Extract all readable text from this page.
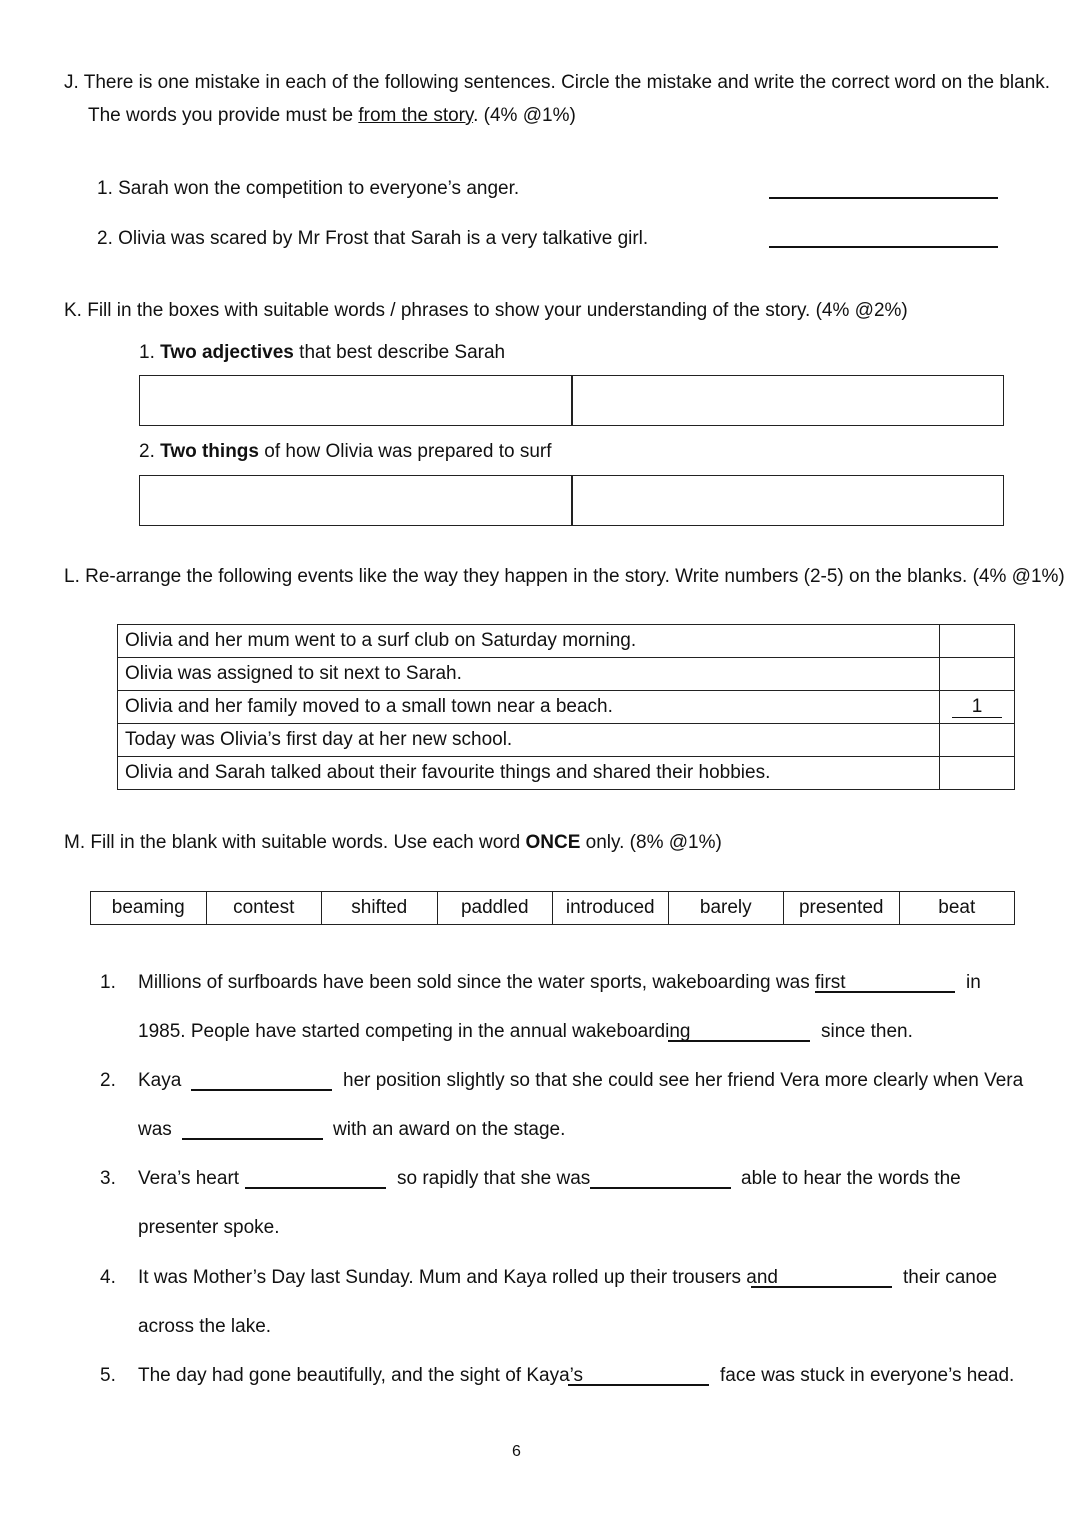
J. There is one mistake in each of the following sentences. Circle the mistake and write the correct word on the blank.
The words you provide must be from the story. (4% @1%)
1. Sarah won the competition to everyone’s anger.
2. Olivia was scared by Mr Frost that Sarah is a very talkative girl.
K. Fill in the boxes with suitable words / phrases to show your understanding of the story. (4% @2%)
1. Two adjectives that best describe Sarah
2. Two things of how Olivia was prepared to surf
L. Re-arrange the following events like the way they happen in the story. Write numbers (2-5) on the blanks. (4% @1%)
Olivia and her mum went to a surf club on Saturday morning.	
Olivia was assigned to sit next to Sarah.	
Olivia and her family moved to a small town near a beach.	1
Today was Olivia’s first day at her new school.	
Olivia and Sarah talked about their favourite things and shared their hobbies.	
M. Fill in the blank with suitable words. Use each word ONCE only. (8% @1%)
beaming	contest	shifted	paddled	introduced	barely	presented	beat
1. Millions of surfboards have been sold since the water sports, wakeboarding was first	in
1985. People have started competing in the annual wakeboarding	since then.
2. Kaya	her position slightly so that she could see her friend Vera more clearly when Vera
was	with an award on the stage.
3. Vera’s heart	so rapidly that she was	able to hear the words the
presenter spoke.
4. It was Mother’s Day last Sunday. Mum and Kaya rolled up their trousers and	their canoe
across the lake.
5. The day had gone beautifully, and the sight of Kaya’s	face was stuck in everyone’s head.
6
